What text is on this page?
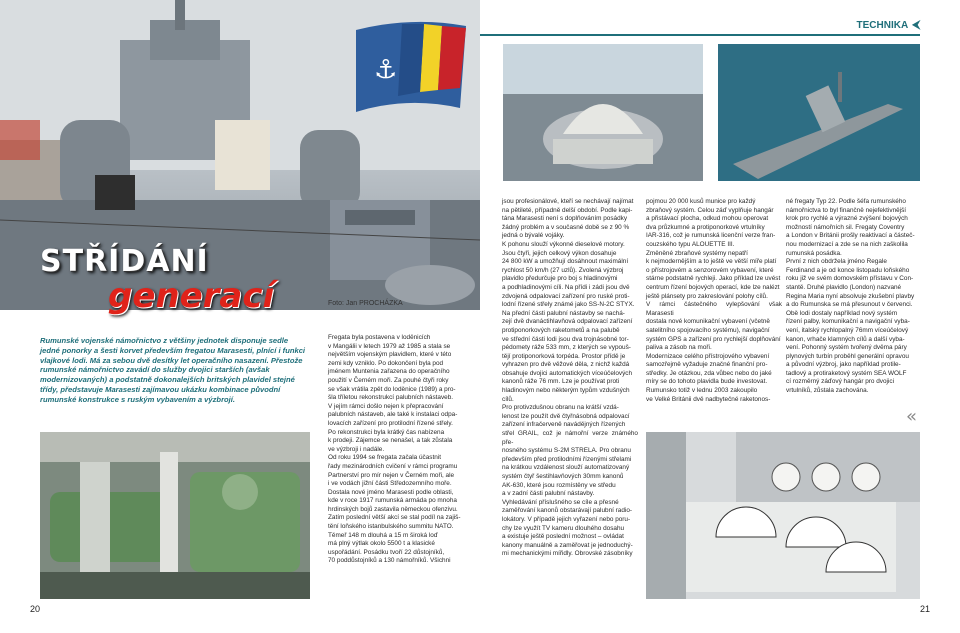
TECHNIKA ⮜
⚓
STŘÍDÁNÍ
generací	Foto: Jan PROCHÁZKA
Rumunské vojenské námořnictvo z většiny jednotek disponuje sedle jedné ponorky a šesti korvet především fregatou Marasesti, plnící i funkci vlajkové lodi. Má za sebou dvě desítky let operačního nasazení. Přestože rumunské námořnictvo zavádí do služby dvojici starších (avšak modernizovaných) a podstatně dokonalejších britských plavidel stejné třídy, představuje Marasesti zajímavou ukázku kombinace původní rumunské konstrukce s ruským vybavením a výzbrojí.
Fregata byla postavena v loděnicích
v Mangálii v letech 1979 až 1985 a stala se
největším vojenským plavidlem, které v této
zemi kdy vzniklo. Po dokončení byla pod
jménem Muntenia zařazena do operačního
použití v Černém moři. Za pouhé čtyři roky
se však vrátila zpět do loděnice (1989) a pro-
šla tříletou rekonstrukcí palubních nástaveb.
V jejím rámci došlo nejen k přepracování
palubních nástaveb, ale také k instalaci odpa-
lovacích zařízení pro protilodní řízené střely.
Po rekonstrukci byla krátký čas nabízena
k prodeji. Zájemce se nenašel, a tak zůstala
ve výzbroji i nadále.
Od roku 1994 se fregata začala účastnit
řady mezinárodních cvičení v rámci programu
Partnerství pro mír nejen v Černém moři, ale
i ve vodách jižní části Středozemního moře.
Dostala nové jméno Marasesti podle oblasti,
kde v roce 1917 rumunská armáda po mnoha
hrdinských bojů zastavila německou ofenzivu.
Zatím poslední větší akcí se stal podíl na zajiš-
tění loňského istanbulského summitu NATO.
Těmeř 148 m dlouhá a 15 m široká loď
má plný výtlak okolo 5500 t a klasické
uspořádání. Posádku tvoří 22 důstojníků,
70 poddůstojníků a 130 námořníků. Všichni
jsou profesionálové, kteří se nechávají najímat
na pětileté, případně delší období. Podle kapi-
tána Marasesti není s doplňováním posádky
žádný problém a v současné době se z 90 %
jedná o bývalé vojáky.
K pohonu slouží výkonné dieselové motory.
Jsou čtyři, jejich celkový výkon dosahuje
24 800 kW a umožňují dosáhnout maximální
rychlost 50 km/h (27 uzlů). Zvolená výzbroj
plavidlo předurčuje pro boj s hladinovými
a podhladinovými cíli. Na přídi i zádi jsou dvě
zdvojená odpalovací zařízení pro ruské proti-
lodní řízené střely známé jako SS-N-2C STYX.
Na přední části palubní nástavby se nachá-
zejí dvě dvanáctihlavňová odpalovací zařízení
protiponorkových raketometů a na palubě
ve střední části lodi jsou dva trojnásobné tor-
pédomety ráže 533 mm, z kterých se vypouš-
tějí protiponorková torpéda. Prostor přídě je
vyhrazen pro dvě věžové děla, z nichž každá
obsahuje dvojici automatických víceúčelových
kanonů ráže 76 mm. Lze je používat proti
hladinovým nebo některým typům vzdušných
cílů.
Pro protivzdušnou obranu na krátší vzdá-
lenost lze použít dvě čtyřnásobná odpalovací
zařízení infračerveně navádějných řízených
střel GRAIL, což je námořní verze známého pře-
nosného systému S-2M STRELA. Pro obranu
především před protilodními řízenými střelami
na krátkou vzdálenost slouží automatizovaný
systém čtyř šestihlavňových 30mm kanonů
AK-630, které jsou rozmístěny ve středu
a v zadní části palubní nástavby.
Vyhledávání příslušného se cíle a přesné
zaměřování kanonů obstarávají palubní radio-
lokátory. V případě jejich vyřazení nebo poru-
chy lze využít TV kameru dlouhého dosahu
a existuje ještě poslední možnost – ovládat
kanony manuálně a zaměřovat je jednoduchý-
mi mechanickými mířidly. Obrovské zásobníky
pojmou 20 000 kusů munice pro každý
zbraňový systém. Celou záď vyplňuje hangár
a přistávací plocha, odkud mohou operovat
dva průzkumné a protiponorkové vrtulníky
IAR-316, což je rumunská licenční verze fran-
couzského typu ALOUETTE III.
Změněné zbraňové systémy nepatří
k nejmodernějším a to ještě ve větší míře platí
o přístrojovém a senzorovém vybavení, které
stárne podstatně rychleji. Jako příklad lze uvést
centrum řízení bojových operací, kde lze nalézt
ještě plánsety pro zakreslování polohy cílů.
V rámci částečného vylepšování však Marasesti
dostala nové komunikační vybavení (včetně
satelitního spojovacího systému), navigační
systém GPS a zařízení pro rychlejší doplňování
paliva a zásob na moři.
Modernizace celého přístrojového vybavení
samozřejmě vyžaduje značné finanční pro-
středky. Je otázkou, zda vůbec nebo do jaké
míry se do tohoto plavidla bude investovat.
Rumunsko totiž v lednu 2003 zakoupilo
ve Velké Británii dvě nadbytečné raketonos-
né fregaty Typ 22. Podle šéfa rumunského
námořnictva to byl finančně nejefektivnější
krok pro rychlé a výrazné zvýšení bojových
možností námořních sil. Fregaty Coventry
a London v Británii prošly reaktivací a částeč-
nou modernizací a zde se na nich zaškolila
rumunská posádka.
První z nich obdržela jméno Regale
Ferdinand a je od konce listopadu loňského
roku již ve svém domovském přístavu v Con-
stantě. Druhé plavidlo (London) nazvané
Regina Maria nyní absolvuje zkušební plavby
a do Rumunska se má přesunout v červenci.
Obě lodi dostaly například nový systém
řízení palby, komunikační a navigační vyba-
vení, italský rychlopalný 76mm víceúčelový
kanon, vrhače klamných cílů a další vyba-
vení. Pohonný systém tvořený dvěma páry
plynových turbín proběhl generální opravou
a původní výzbroj, jako například protile-
tadlový a protiraketový systém SEA WOLF
cí rozměrný záďový hangár pro dvojici
vrtulníků, zůstala zachována.
«
20	21
